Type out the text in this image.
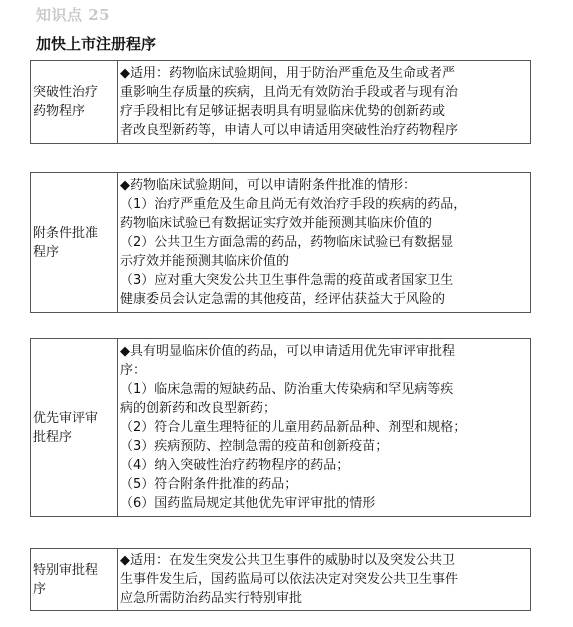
知识点 25
加快上市注册程序
突破性治疗
药物程序

◆适用：药物临床试验期间，用于防治严重危及生命或者严
重影响生存质量的疾病，且尚无有效防治手段或者与现有治
疗手段相比有足够证据表明具有明显临床优势的创新药或
者改良型新药等，申请人可以申请适用突破性治疗药物程序
附条件批准
程序

◆药物临床试验期间，可以申请附条件批准的情形：
（1）治疗严重危及生命且尚无有效治疗手段的疾病的药品，
药物临床试验已有数据证实疗效并能预测其临床价值的
（2）公共卫生方面急需的药品，药物临床试验已有数据显
示疗效并能预测其临床价值的
（3）应对重大突发公共卫生事件急需的疫苗或者国家卫生
健康委员会认定急需的其他疫苗，经评估获益大于风险的
优先审评审
批程序

◆具有明显临床价值的药品，可以申请适用优先审评审批程
序：
（1）临床急需的短缺药品、防治重大传染病和罕见病等疾
病的创新药和改良型新药；
（2）符合儿童生理特征的儿童用药品新品种、剂型和规格；
（3）疾病预防、控制急需的疫苗和创新疫苗；
（4）纳入突破性治疗药物程序的药品；
（5）符合附条件批准的药品；
（6）国药监局规定其他优先审评审批的情形
特别审批程
序

◆适用：在发生突发公共卫生事件的威胁时以及突发公共卫
生事件发生后，国药监局可以依法决定对突发公共卫生事件
应急所需防治药品实行特别审批
